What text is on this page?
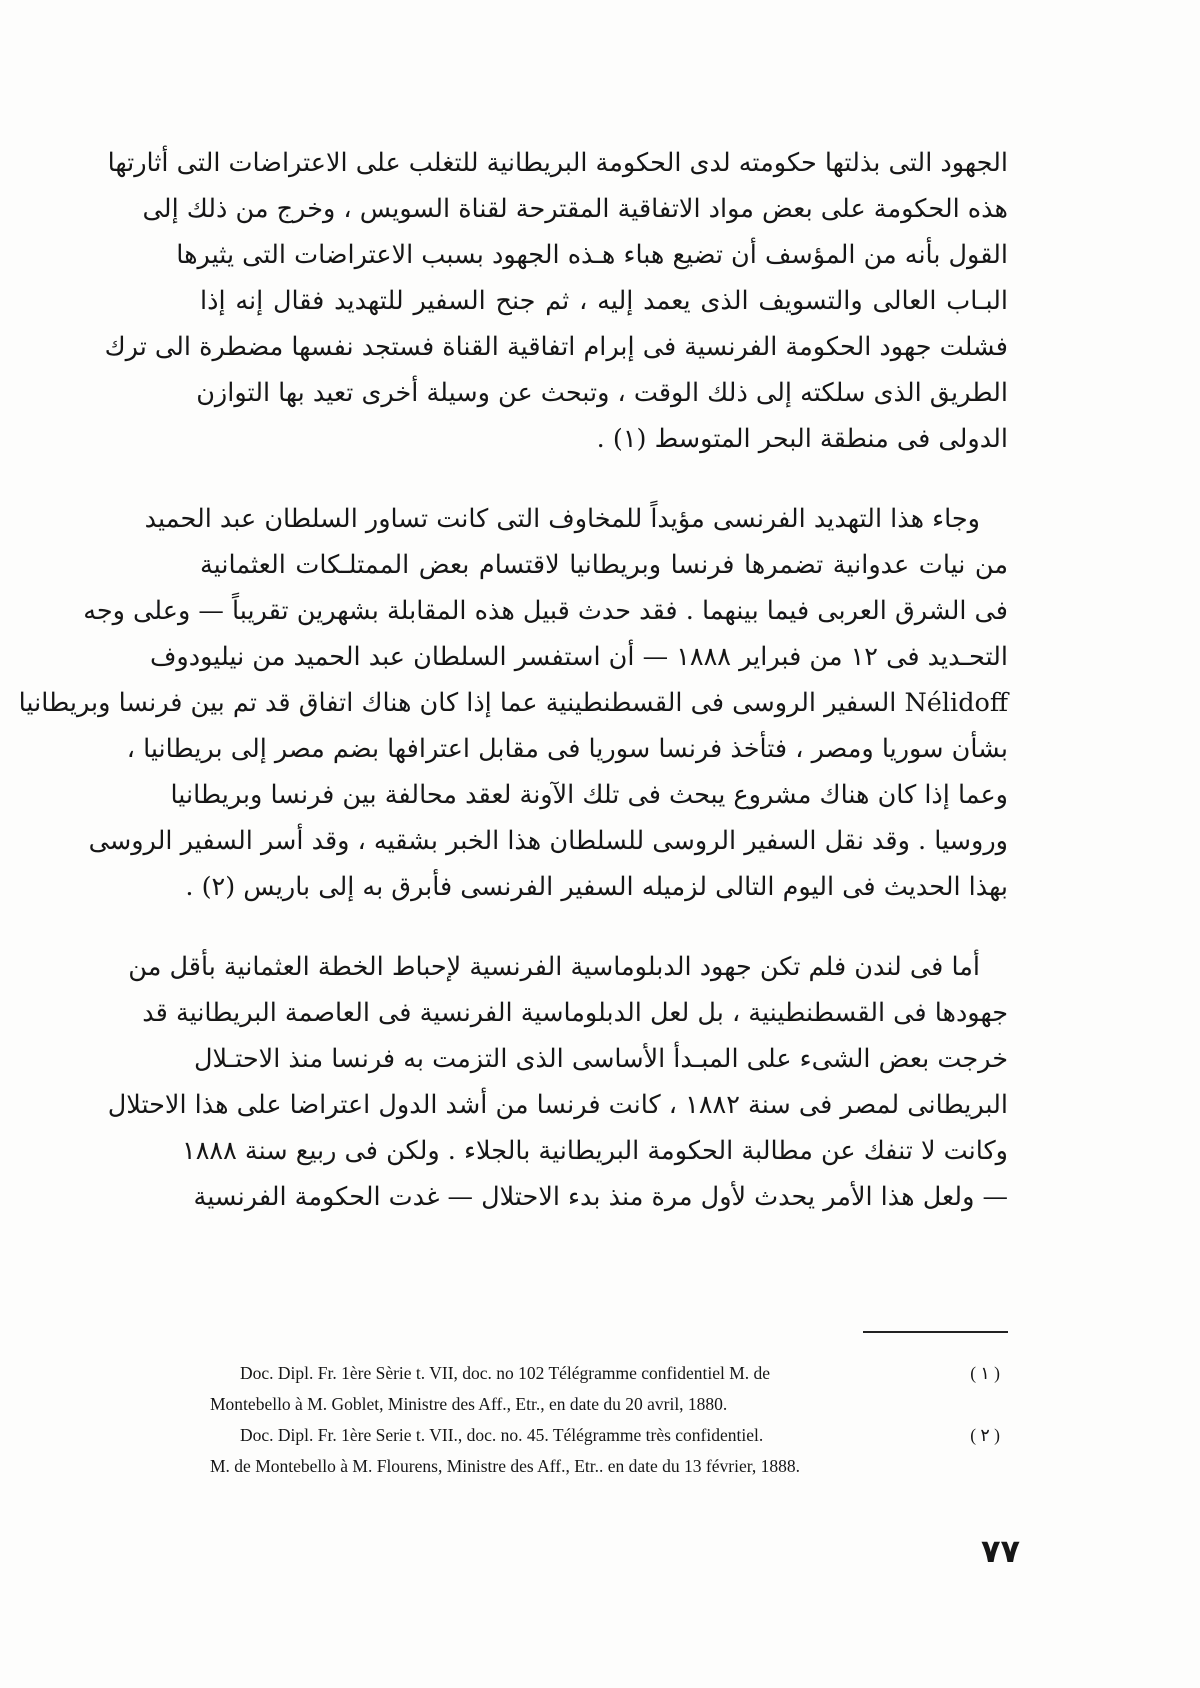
الجهود التى بذلتها حكومته لدى الحكومة البريطانية للتغلب على الاعتراضات التى أثارتها
هذه الحكومة على بعض مواد الاتفاقية المقترحة لقناة السويس ، وخرج من ذلك إلى
القول بأنه من المؤسف أن تضيع هباء هـذه الجهود بسبب الاعتراضات التى يثيرها
البـاب العالى والتسويف الذى يعمد إليه ، ثم جنح السفير للتهديد فقال إنه إذا
فشلت جهود الحكومة الفرنسية فى إبرام اتفاقية القناة فستجد نفسها مضطرة الى ترك
الطريق الذى سلكته إلى ذلك الوقت ، وتبحث عن وسيلة أخرى تعيد بها التوازن
الدولى فى منطقة البحر المتوسط (١) .
وجاء هذا التهديد الفرنسى مؤيداً للمخاوف التى كانت تساور السلطان عبد الحميد
من نيات عدوانية تضمرها فرنسا وبريطانيا لاقتسام بعض الممتلـكات العثمانية
فى الشرق العربى فيما بينهما . فقد حدث قبيل هذه المقابلة بشهرين تقريباً — وعلى وجه
التحـديد فى ١٢ من فبراير ١٨٨٨ — أن استفسر السلطان عبد الحميد من نيليودوف
Nélidoff السفير الروسى فى القسطنطينية عما إذا كان هناك اتفاق قد تم بين فرنسا وبريطانيا
بشأن سوريا ومصر ، فتأخذ فرنسا سوريا فى مقابل اعترافها بضم مصر إلى بريطانيا ،
وعما إذا كان هناك مشروع يبحث فى تلك الآونة لعقد محالفة بين فرنسا وبريطانيا
وروسيا . وقد نقل السفير الروسى للسلطان هذا الخبر بشقيه ، وقد أسر السفير الروسى
بهذا الحديث فى اليوم التالى لزميله السفير الفرنسى فأبرق به إلى باريس (٢) .
أما فى لندن فلم تكن جهود الدبلوماسية الفرنسية لإحباط الخطة العثمانية بأقل من
جهودها فى القسطنطينية ، بل لعل الدبلوماسية الفرنسية فى العاصمة البريطانية قد
خرجت بعض الشىء على المبـدأ الأساسى الذى التزمت به فرنسا منذ الاحتـلال
البريطانى لمصر فى سنة ١٨٨٢ ، كانت فرنسا من أشد الدول اعتراضا على هذا الاحتلال
وكانت لا تنفك عن مطالبة الحكومة البريطانية بالجلاء . ولكن فى ربيع سنة ١٨٨٨
— ولعل هذا الأمر يحدث لأول مرة منذ بدء الاحتلال — غدت الحكومة الفرنسية
( ١ )
Doc. Dipl. Fr. 1ère Sèrie t. VII, doc. no 102 Télégramme confidentiel M. de
Montebello à M. Goblet, Ministre des Aff., Etr., en date du 20 avril, 1880.
( ٢ )
Doc. Dipl. Fr. 1ère Serie t. VII., doc. no. 45. Télégramme très confidentiel.
M. de Montebello à M. Flourens, Ministre des Aff., Etr.. en date du 13 février, 1888.
٧٧
